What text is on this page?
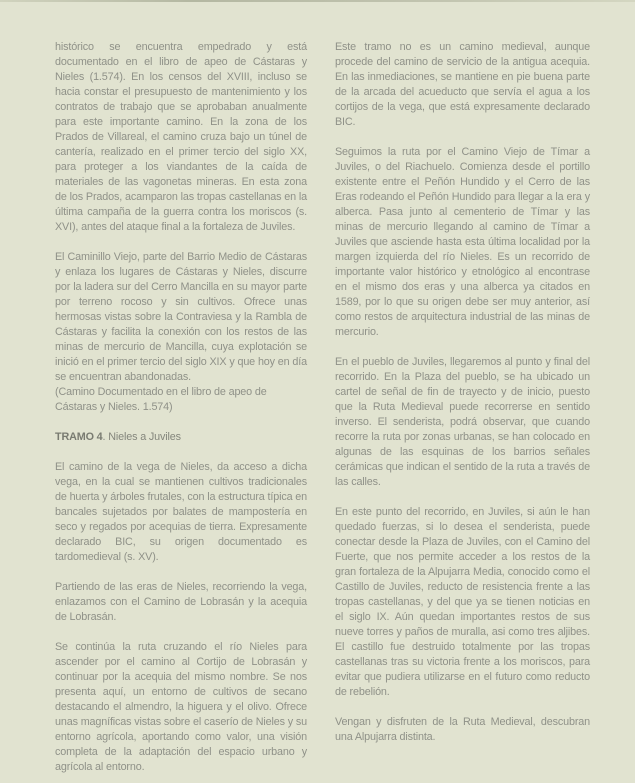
histórico se encuentra empedrado y está documentado en el libro de apeo de Cástaras y Nieles (1.574). En los censos del XVIII, incluso se hacia constar el presupuesto de mantenimiento y los contratos de trabajo que se aprobaban anualmente para este importante camino. En la zona de los Prados de Villareal, el camino cruza bajo un túnel de cantería, realizado en el primer tercio del siglo XX, para proteger a los viandantes de la caída de materiales de las vagonetas mineras. En esta zona de los Prados, acamparon las tropas castellanas en la última campaña de la guerra contra los moriscos (s. XVI), antes del ataque final a la fortaleza de Juviles.

El Caminillo Viejo, parte del Barrio Medio de Cástaras y enlaza los lugares de Cástaras y Nieles, discurre por la ladera sur del Cerro Mancilla en su mayor parte por terreno rocoso y sin cultivos. Ofrece unas hermosas vistas sobre la Contraviesa y la Rambla de Cástaras y facilita la conexión con los restos de las minas de mercurio de Mancilla, cuya explotación se inició en el primer tercio del siglo XIX y que hoy en día se encuentran abandonadas.

(Camino Documentado en el libro de apeo de Cástaras y Nieles. 1.574)

TRAMO 4. Nieles a Juviles

El camino de la vega de Nieles, da acceso a dicha vega, en la cual se mantienen cultivos tradicionales de huerta y árboles frutales, con la estructura típica en bancales sujetados por balates de mampostería en seco y regados por acequias de tierra. Expresamente declarado BIC, su origen documentado es tardomedieval (s. XV).

Partiendo de las eras de Nieles, recorriendo la vega, enlazamos con el Camino de Lobrasán y la acequia de Lobrasán.

Se continúa la ruta cruzando el río Nieles para ascender por el camino al Cortijo de Lobrasán y continuar por la acequia del mismo nombre. Se nos presenta aquí, un entorno de cultivos de secano destacando el almendro, la higuera y el olivo. Ofrece unas magníficas vistas sobre el caserío de Nieles y su entorno agrícola, aportando como valor, una visión completa de la adaptación del espacio urbano y agrícola al entorno.

Este tramo no es un camino medieval, aunque procede del camino de servicio de la antigua acequia. En las inmediaciones, se mantiene en pie buena parte de la arcada del acueducto que servía el agua a los cortijos de la vega, que está expresamente declarado BIC.

Seguimos la ruta por el Camino Viejo de Tímar a Juviles, o del Riachuelo. Comienza desde el portillo existente entre el Peñón Hundido y el Cerro de las Eras rodeando el Peñón Hundido para llegar a la era y alberca. Pasa junto al cementerio de Tímar y las minas de mercurio llegando al camino de Tímar a Juviles que asciende hasta esta última localidad por la margen izquierda del río Nieles. Es un recorrido de importante valor histórico y etnológico al encontrase en el mismo dos eras y una alberca ya citados en 1589, por lo que su origen debe ser muy anterior, así como restos de arquitectura industrial de las minas de mercurio.

En el pueblo de Juviles, llegaremos al punto y final del recorrido. En la Plaza del pueblo, se ha ubicado un cartel de señal de fin de trayecto y de inicio, puesto que la Ruta Medieval puede recorrerse en sentido inverso. El senderista, podrá observar, que cuando recorre la ruta por zonas urbanas, se han colocado en algunas de las esquinas de los barrios señales cerámicas que indican el sentido de la ruta a través de las calles.

En este punto del recorrido, en Juviles, si aún le han quedado fuerzas, si lo desea el senderista, puede conectar desde la Plaza de Juviles, con el Camino del Fuerte, que nos permite acceder a los restos de la gran fortaleza de la Alpujarra Media, conocido como el Castillo de Juviles, reducto de resistencia frente a las tropas castellanas, y del que ya se tienen noticias en el siglo IX. Aún quedan importantes restos de sus nueve torres y paños de muralla, asi como tres aljibes. El castillo fue destruido totalmente por las tropas castellanas tras su victoria frente a los moriscos, para evitar que pudiera utilizarse en el futuro como reducto de rebelión.

Vengan y disfruten de la Ruta Medieval, descubran una Alpujarra distinta.
